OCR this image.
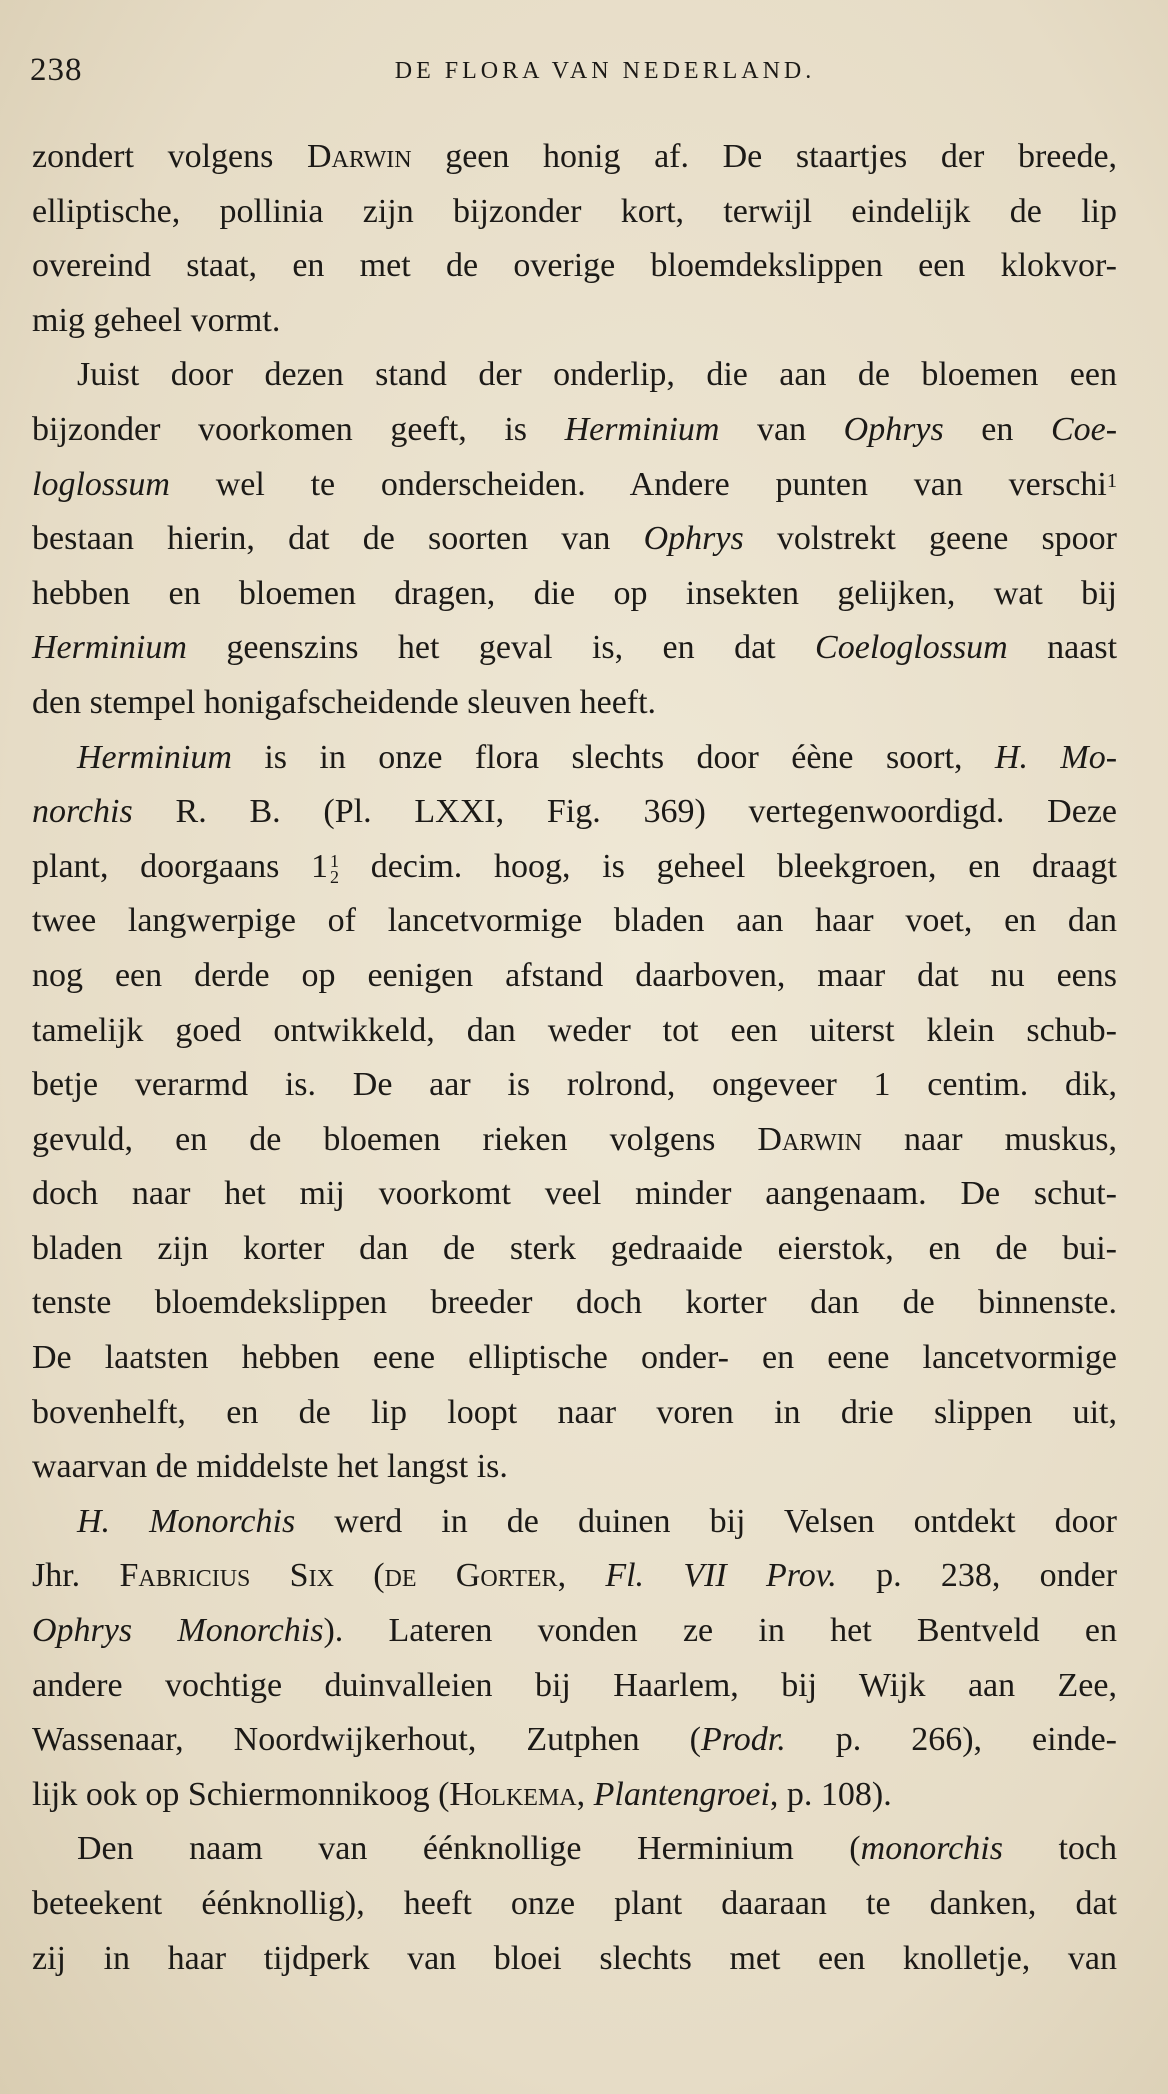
238	DE FLORA VAN NEDERLAND.
zondert volgens Darwin geen honig af. De staartjes der breede,
elliptische, pollinia zijn bijzonder kort, terwijl eindelijk de lip
overeind staat, en met de overige bloemdekslippen een klokvor-
mig geheel vormt.
Juist door dezen stand der onderlip, die aan de bloemen een
bijzonder voorkomen geeft, is Herminium van Ophrys en Coe-
loglossum wel te onderscheiden. Andere punten van verschi$^1$
bestaan hierin, dat de soorten van Ophrys volstrekt geene spoor
hebben en bloemen dragen, die op insekten gelijken, wat bij
Herminium geenszins het geval is, en dat Coeloglossum naast
den stempel honigafscheidende sleuven heeft.
Herminium is in onze flora slechts door éène soort, H. Mo-
norchis R. B. (Pl. LXXI, Fig. 369) vertegenwoordigd. Deze
plant, doorgaans 1 1
2 decim. hoog, is geheel bleekgroen, en draagt
twee langwerpige of lancetvormige bladen aan haar voet, en dan
nog een derde op eenigen afstand daarboven, maar dat nu eens
tamelijk goed ontwikkeld, dan weder tot een uiterst klein schub-
betje verarmd is. De aar is rolrond, ongeveer 1 centim. dik,
gevuld, en de bloemen rieken volgens Darwin naar muskus,
doch naar het mij voorkomt veel minder aangenaam. De schut-
bladen zijn korter dan de sterk gedraaide eierstok, en de bui-
tenste bloemdekslippen breeder doch korter dan de binnenste.
De laatsten hebben eene elliptische onder- en eene lancetvormige
bovenhelft, en de lip loopt naar voren in drie slippen uit,
waarvan de middelste het langst is.
H. Monorchis werd in de duinen bij Velsen ontdekt door
Jhr. Fabricius Six (de Gorter, Fl. VII Prov. p. 238, onder
Ophrys Monorchis). Lateren vonden ze in het Bentveld en
andere vochtige duinvalleien bij Haarlem, bij Wijk aan Zee,
Wassenaar, Noordwijkerhout, Zutphen (Prodr. p. 266), einde-
lijk ook op Schiermonnikoog (Holkema, Plantengroei, p. 108).
Den naam van éénknollige Herminium (monorchis toch
beteekent éénknollig), heeft onze plant daaraan te danken, dat
zij in haar tijdperk van bloei slechts met een knolletje, van
